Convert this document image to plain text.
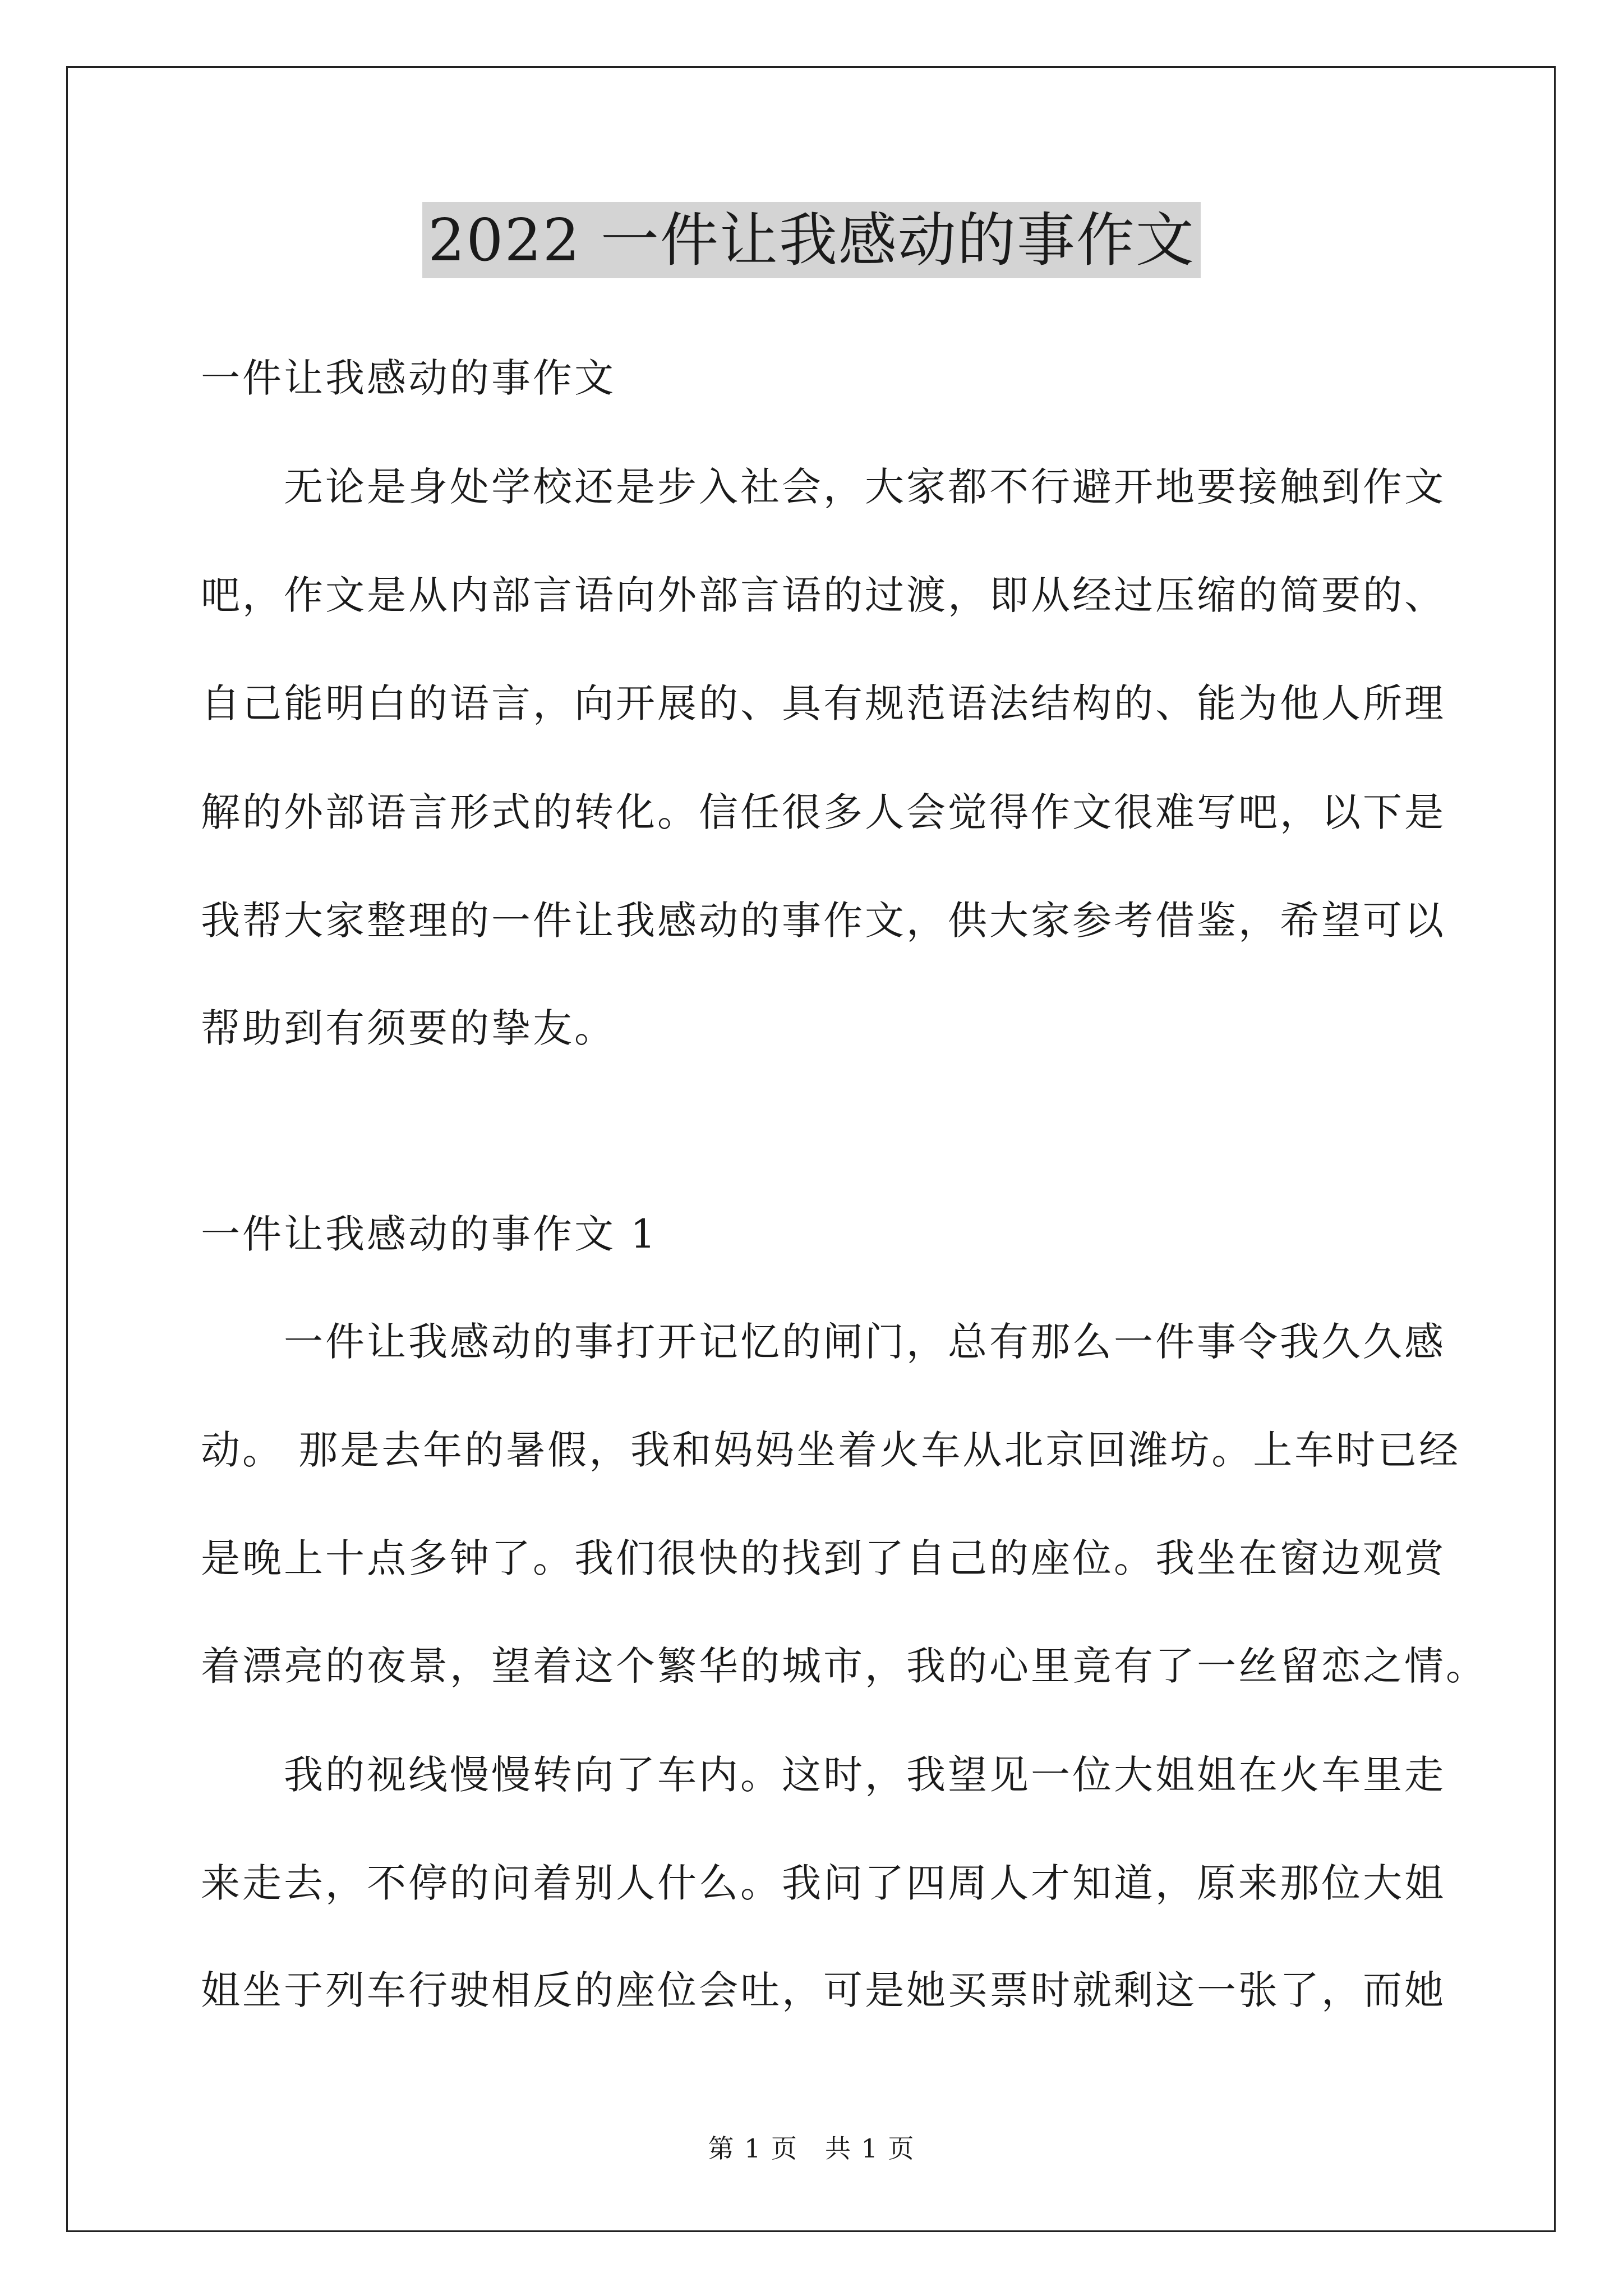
2022 一件让我感动的事作文
一件让我感动的事作文
　　无论是身处学校还是步入社会，大家都不行避开地要接触到作文
吧，作文是从内部言语向外部言语的过渡，即从经过压缩的简要的、
自己能明白的语言，向开展的、具有规范语法结构的、能为他人所理
解的外部语言形式的转化。信任很多人会觉得作文很难写吧，以下是
我帮大家整理的一件让我感动的事作文，供大家参考借鉴，希望可以
帮助到有须要的挚友。
一件让我感动的事作文 1
　　一件让我感动的事打开记忆的闸门，总有那么一件事令我久久感
动。 那是去年的暑假，我和妈妈坐着火车从北京回潍坊。上车时已经
是晚上十点多钟了。我们很快的找到了自己的座位。我坐在窗边观赏
着漂亮的夜景，望着这个繁华的城市，我的心里竟有了一丝留恋之情。
　　我的视线慢慢转向了车内。这时，我望见一位大姐姐在火车里走
来走去，不停的问着别人什么。我问了四周人才知道，原来那位大姐
姐坐于列车行驶相反的座位会吐，可是她买票时就剩这一张了，而她
第 1 页　共 1 页
